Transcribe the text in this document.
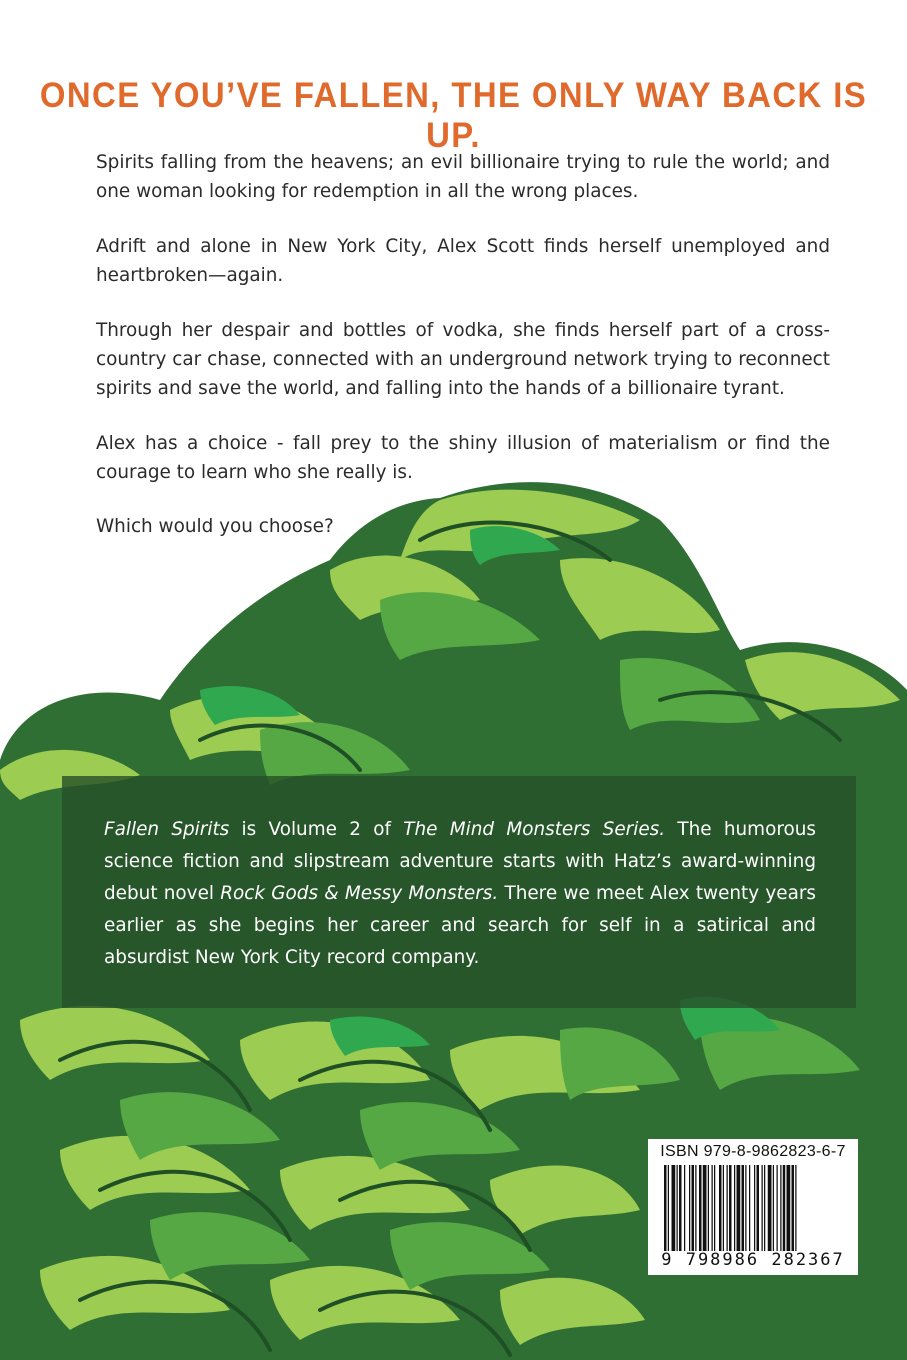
ONCE YOU’VE FALLEN, THE ONLY WAY BACK IS UP.

Spirits falling from the heavens; an evil billionaire trying to rule the world; and one woman looking for redemption in all the wrong places.

Adrift and alone in New York City, Alex Scott finds herself unemployed and heartbroken—again.

Through her despair and bottles of vodka, she finds herself part of a cross-country car chase, connected with an underground network trying to reconnect spirits and save the world, and falling into the hands of a billionaire tyrant.

Alex has a choice - fall prey to the shiny illusion of materialism or find the courage to learn who she really is.

Which would you choose?

Fallen Spirits is Volume 2 of The Mind Monsters Series. The humorous science fiction and slipstream adventure starts with Hatz’s award-winning debut novel Rock Gods & Messy Monsters. There we meet Alex twenty years earlier as she begins her career and search for self in a satirical and absurdist New York City record company.

ISBN 979-8-9862823-6-7
9 798986 282367
